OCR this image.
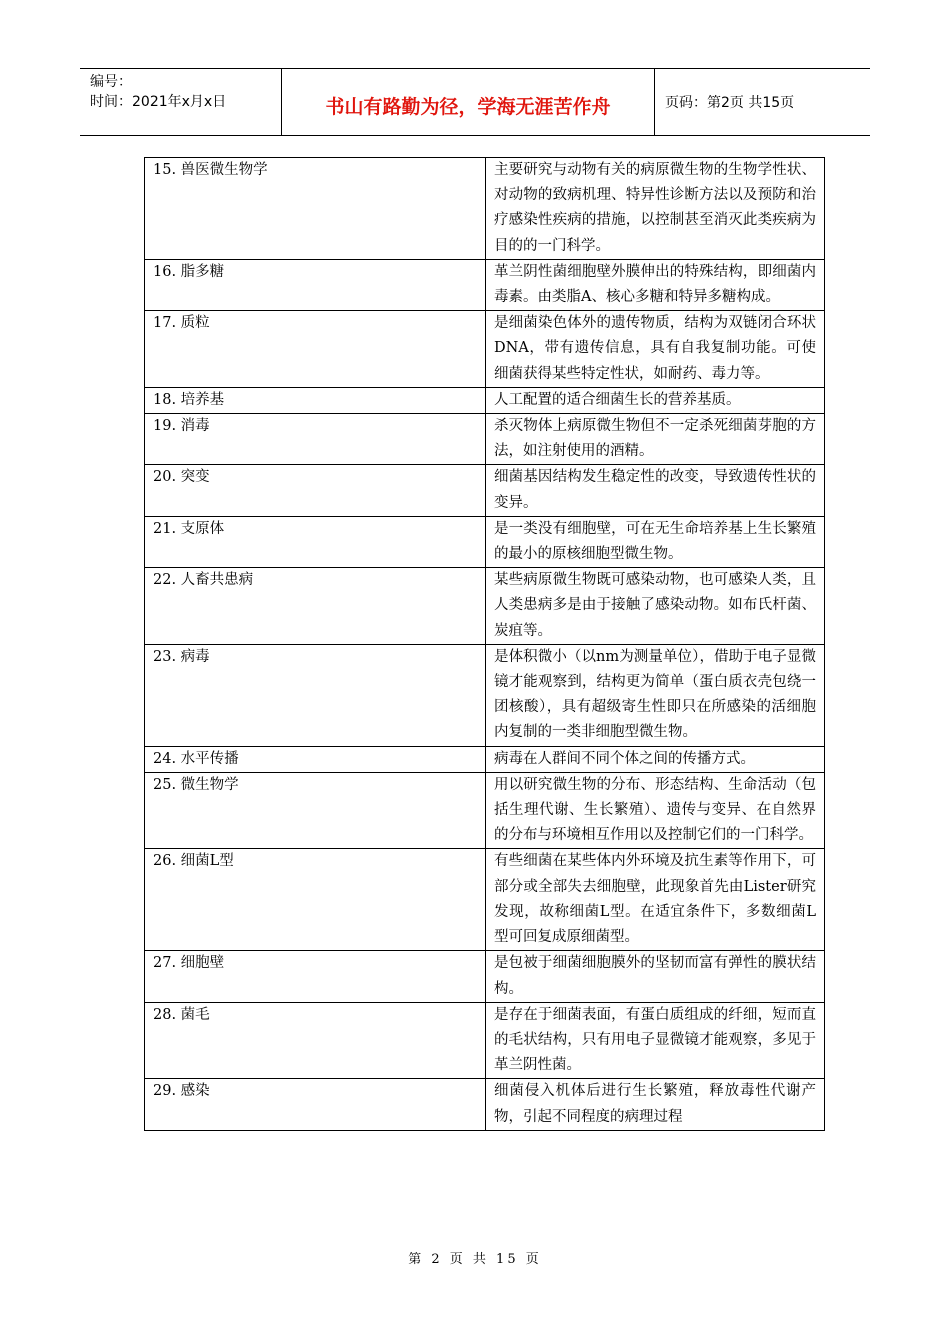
编号：
时间：2021年x月x日	书山有路勤为径，学海无涯苦作舟	页码：第2页 共15页
15. 兽医微生物学	主要研究与动物有关的病原微生物的生物学性状、对动物的致病机理、特异性诊断方法以及预防和治疗感染性疾病的措施，以控制甚至消灭此类疾病为目的的一门科学。
16. 脂多糖	革兰阴性菌细胞壁外膜伸出的特殊结构，即细菌内毒素。由类脂A、核心多糖和特异多糖构成。
17. 质粒	是细菌染色体外的遗传物质，结构为双链闭合环状DNA，带有遗传信息，具有自我复制功能。可使细菌获得某些特定性状，如耐药、毒力等。
18. 培养基	人工配置的适合细菌生长的营养基质。
19. 消毒	杀灭物体上病原微生物但不一定杀死细菌芽胞的方法，如注射使用的酒精。
20. 突变	细菌基因结构发生稳定性的改变，导致遗传性状的变异。
21. 支原体	是一类没有细胞壁，可在无生命培养基上生长繁殖的最小的原核细胞型微生物。
22. 人畜共患病	某些病原微生物既可感染动物，也可感染人类，且人类患病多是由于接触了感染动物。如布氏杆菌、炭疽等。
23. 病毒	是体积微小（以nm为测量单位），借助于电子显微镜才能观察到，结构更为简单（蛋白质衣壳包绕一团核酸），具有超级寄生性即只在所感染的活细胞内复制的一类非细胞型微生物。
24. 水平传播	病毒在人群间不同个体之间的传播方式。
25. 微生物学	用以研究微生物的分布、形态结构、生命活动（包括生理代谢、生长繁殖）、遗传与变异、在自然界的分布与环境相互作用以及控制它们的一门科学。
26. 细菌L型	有些细菌在某些体内外环境及抗生素等作用下，可部分或全部失去细胞壁，此现象首先由Lister研究发现，故称细菌L型。在适宜条件下，多数细菌L型可回复成原细菌型。
27. 细胞壁	是包被于细菌细胞膜外的坚韧而富有弹性的膜状结构。
28. 菌毛	是存在于细菌表面，有蛋白质组成的纤细，短而直的毛状结构，只有用电子显微镜才能观察，多见于革兰阴性菌。
29. 感染	细菌侵入机体后进行生长繁殖，释放毒性代谢产物，引起不同程度的病理过程
第 2 页 共 15 页
